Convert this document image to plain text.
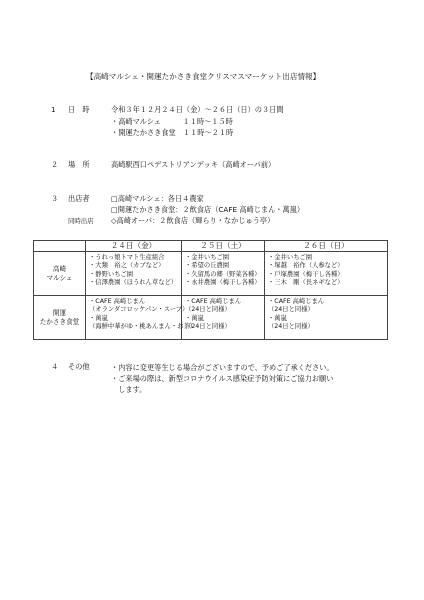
【高崎マルシェ・開運たかさき食堂クリスマスマーケット出店情報】
1	日　時	令和３年１２月２４日（金）～２６日（日）の３日間
・高崎マルシェ　　　１１時～１５時
・開運たかさき食堂　１１時～２１時
２	場　所	高崎駅西口ペデストリアンデッキ（高崎オーパ前）
３	出店者	□高崎マルシェ：各日４農家
□開運たかさき食堂：２飲食店（CAFE 高崎じまん・萬嵐）
同時出店 ◇高崎オーパ：２飲食店（輝らり・なかじゅう亭）
	２４日（金）	２５日（土）	２６日（日）

高崎
マルシェ	・うれっ娘トマト生産組合
・大類　裕之（カブなど）
・静野いちご園
・信澤農園（ほうれん草など）	・金井いちご園
・希望の丘農園
・久留馬の郷（野菜各種）
・永井農園（梅干し各種）	・金井いちご園
・塚越　裕作（人参など）
・戸塚農園（梅干し各種）
・三木　剛（長ネギなど）

開運
たかさき食堂	・CAFE 高崎じまん
（オランダコロッケパン・スープ）
・萬嵐
（海鮮中華がゆ・桃あんまん・お茶）	・CAFE 高崎じまん
（24日と同様）
・萬嵐
（24日と同様）	・CAFE 高崎じまん
（24日と同様）
・萬嵐
（24日と同様）
４	その他	・内容に変更等生じる場合がございますので、予めご了承ください。
・ご来場の際は、新型コロナウイルス感染症予防対策にご協力お願い
　します。
